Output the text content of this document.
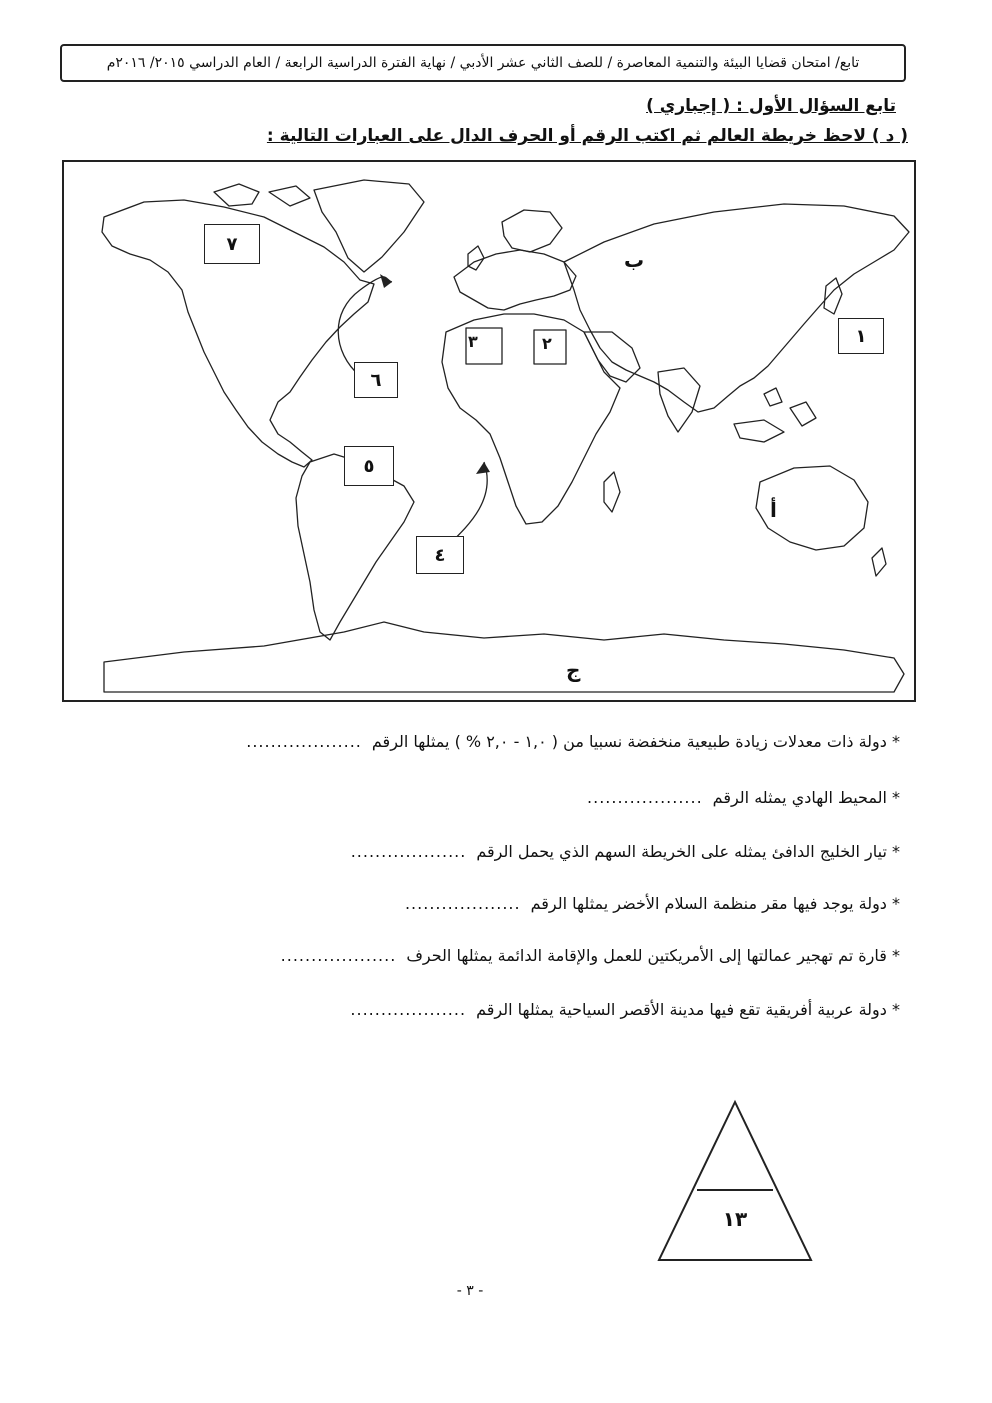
تابع/ امتحان قضايا البيئة والتنمية المعاصرة / للصف الثاني عشر الأدبي / نهاية الفترة الدراسية الرابعة / العام الدراسي ٢٠١٥/ ٢٠١٦م
تابع السؤال الأول : ( إجباري )
( د ) لاحظ خريطة العالم ثم اكتب الرقم أو الحرف الدال على العبارات التالية :
٧
١
٦
٥
٤
٣	٢
ب
أ
ج
* دولة ذات معدلات زيادة طبيعية منخفضة نسبيا من ( ١,٠ - ٢,٠ % ) يمثلها الرقم
...................
* المحيط الهادي يمثله الرقم
...................
* تيار الخليج الدافئ يمثله على الخريطة السهم الذي يحمل الرقم
...................
* دولة يوجد فيها مقر منظمة السلام الأخضر يمثلها الرقم
...................
* قارة تم تهجير عمالتها إلى الأمريكتين للعمل والإقامة الدائمة يمثلها الحرف
...................
* دولة عربية أفريقية تقع فيها مدينة الأقصر السياحية يمثلها الرقم
...................
١٣
- ٣ -
